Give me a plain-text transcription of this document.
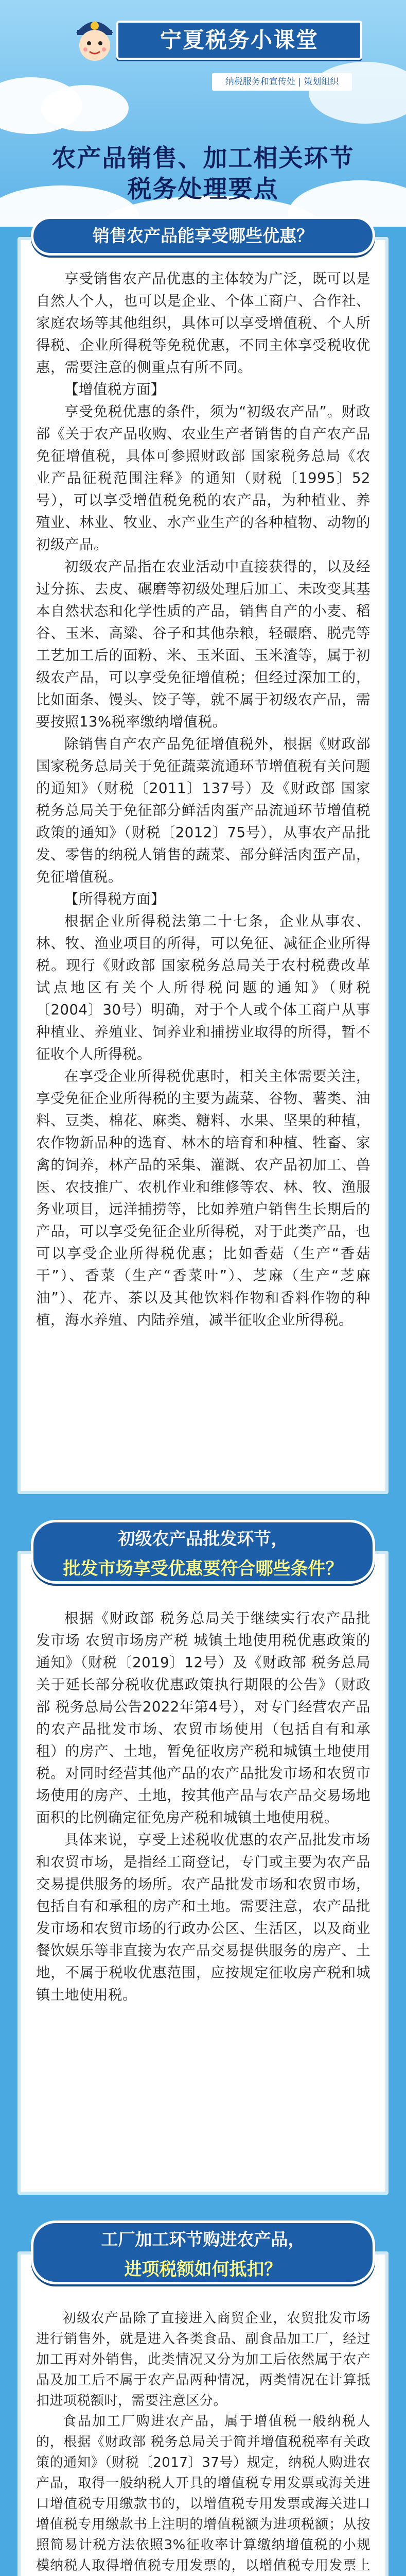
宁夏税务小课堂
纳税服务和宣传处 | 策划组织
农产品销售、加工相关环节
税务处理要点
销售农产品能享受哪些优惠？

享受销售农产品优惠的主体较为广泛，既可以是自然人个人，也可以是企业、个体工商户、合作社、家庭农场等其他组织，具体可以享受增值税、个人所得税、企业所得税等免税优惠，不同主体享受税收优惠，需要注意的侧重点有所不同。

【增值税方面】

享受免税优惠的条件，须为“初级农产品”。财政部《关于农产品收购、农业生产者销售的自产农产品免征增值税，具体可参照财政部 国家税务总局《农业产品征税范围注释》的通知（财税〔1995〕52号），可以享受增值税免税的农产品，为种植业、养殖业、林业、牧业、水产业生产的各种植物、动物的初级产品。

初级农产品指在农业活动中直接获得的，以及经过分拣、去皮、碾磨等初级处理后加工、未改变其基本自然状态和化学性质的产品，销售自产的小麦、稻谷、玉米、高粱、谷子和其他杂粮，轻碾磨、脱壳等工艺加工后的面粉、米、玉米面、玉米渣等，属于初级农产品，可以享受免征增值税；但经过深加工的，比如面条、馒头、饺子等，就不属于初级农产品，需要按照13%税率缴纳增值税。

除销售自产农产品免征增值税外，根据《财政部 国家税务总局关于免征蔬菜流通环节增值税有关问题的通知》（财税〔2011〕137号）及《财政部 国家税务总局关于免征部分鲜活肉蛋产品流通环节增值税政策的通知》（财税〔2012〕75号），从事农产品批发、零售的纳税人销售的蔬菜、部分鲜活肉蛋产品，免征增值税。

【所得税方面】

根据企业所得税法第二十七条，企业从事农、林、牧、渔业项目的所得，可以免征、减征企业所得税。现行《财政部 国家税务总局关于农村税费改革试点地区有关个人所得税问题的通知》（财税〔2004〕30号）明确，对于个人或个体工商户从事种植业、养殖业、饲养业和捕捞业取得的所得，暂不征收个人所得税。

在享受企业所得税优惠时，相关主体需要关注，享受免征企业所得税的主要为蔬菜、谷物、薯类、油料、豆类、棉花、麻类、糖料、水果、坚果的种植，农作物新品种的选育、林木的培育和种植、牲畜、家禽的饲养，林产品的采集、灌溉、农产品初加工、兽医、农技推广、农机作业和维修等农、林、牧、渔服务业项目，远洋捕捞等，比如养殖户销售生长期后的产品，可以享受免征企业所得税，对于此类产品，也可以享受企业所得税优惠；比如香菇（生产“香菇干”）、香菜（生产“香菜叶”）、芝麻（生产“芝麻油”）、花卉、茶以及其他饮料作物和香料作物的种植，海水养殖、内陆养殖，减半征收企业所得税。

初级农产品批发环节，
批发市场享受优惠要符合哪些条件？

根据《财政部 税务总局关于继续实行农产品批发市场 农贸市场房产税 城镇土地使用税优惠政策的通知》（财税〔2019〕12号）及《财政部 税务总局关于延长部分税收优惠政策执行期限的公告》（财政部 税务总局公告2022年第4号），对专门经营农产品的农产品批发市场、农贸市场使用（包括自有和承租）的房产、土地，暂免征收房产税和城镇土地使用税。对同时经营其他产品的农产品批发市场和农贸市场使用的房产、土地，按其他产品与农产品交易场地面积的比例确定征免房产税和城镇土地使用税。

具体来说，享受上述税收优惠的农产品批发市场和农贸市场，是指经工商登记，专门或主要为农产品交易提供服务的场所。农产品批发市场和农贸市场，包括自有和承租的房产和土地。需要注意，农产品批发市场和农贸市场的行政办公区、生活区，以及商业餐饮娱乐等非直接为农产品交易提供服务的房产、土地，不属于税收优惠范围，应按规定征收房产税和城镇土地使用税。

工厂加工环节购进农产品，
进项税额如何抵扣？

初级农产品除了直接进入商贸企业，农贸批发市场进行销售外，就是进入各类食品、副食品加工厂，经过加工再对外销售，此类情况又分为加工后依然属于农产品及加工后不属于农产品两种情况，两类情况在计算抵扣进项税额时，需要注意区分。

食品加工厂购进农产品，属于增值税一般纳税人的，根据《财政部 税务总局关于简并增值税税率有关政策的通知》（财税〔2017〕37号）规定，纳税人购进农产品，取得一般纳税人开具的增值税专用发票或海关进口增值税专用缴款书的，以增值税专用发票或海关进口增值税专用缴款书上注明的增值税额为进项税额；从按照简易计税方法依照3%征收率计算缴纳增值税的小规模纳税人取得增值税专用发票的，以增值税专用发票上
